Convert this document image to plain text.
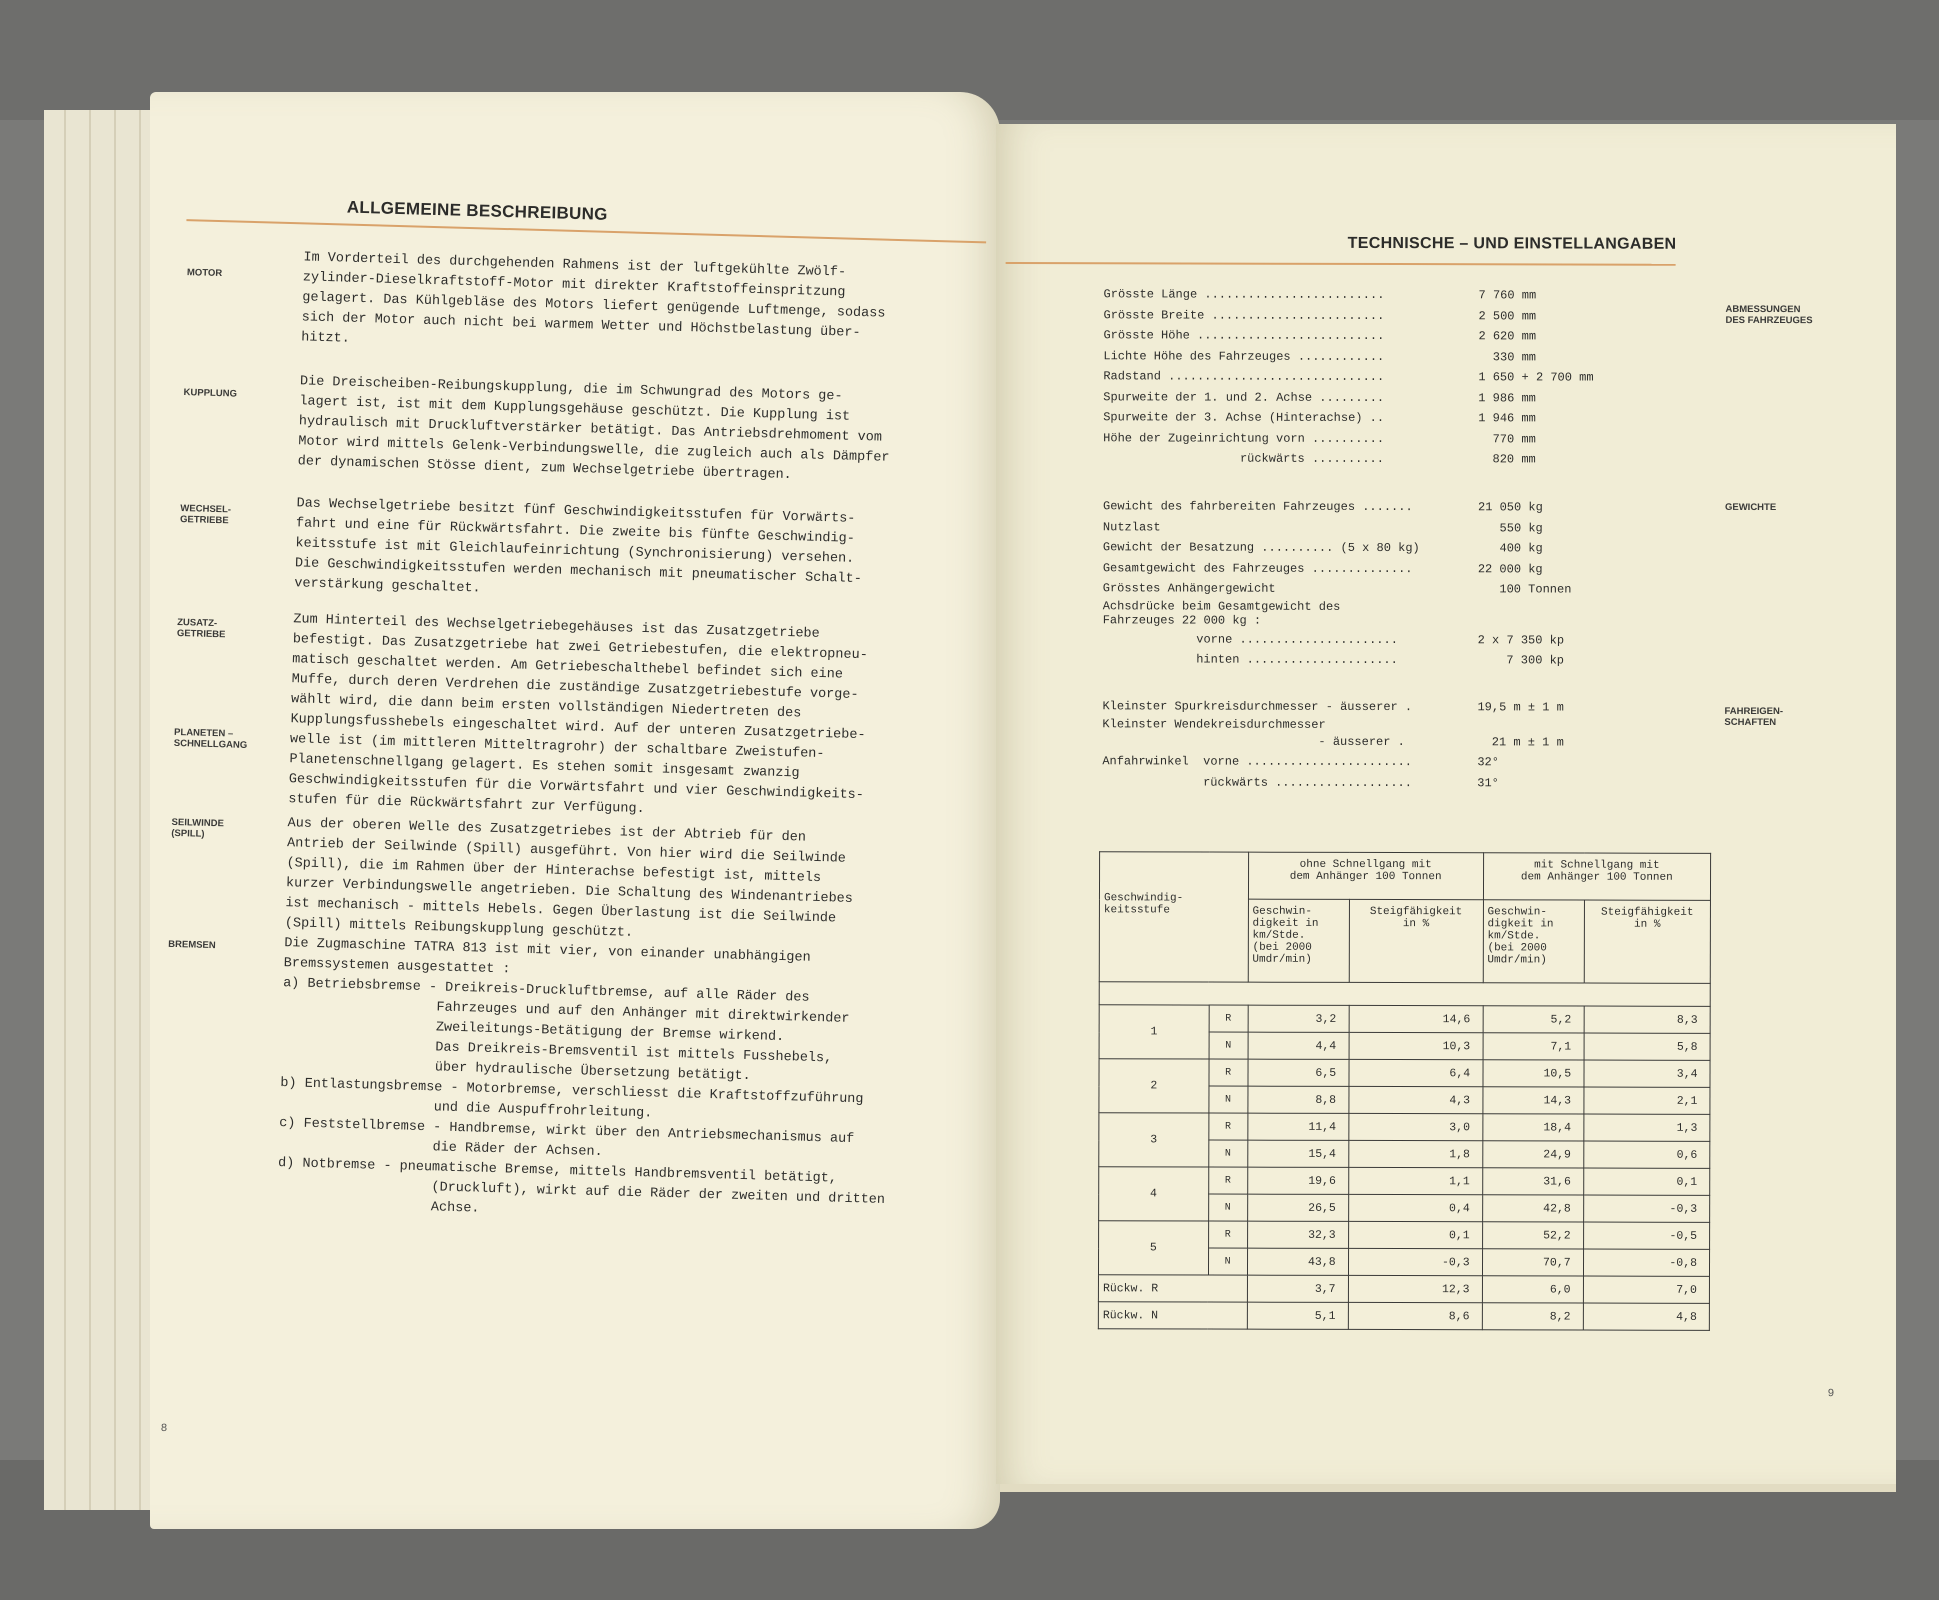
ALLGEMEINE BESCHREIBUNG
MOTOR	Im Vorderteil des durchgehenden Rahmens ist der luftgekühlte Zwölf-
zylinder-Dieselkraftstoff-Motor mit direkter Kraftstoffeinspritzung
gelagert. Das Kühlgebläse des Motors liefert genügende Luftmenge, sodass
sich der Motor auch nicht bei warmem Wetter und Höchstbelastung über-
hitzt.
KUPPLUNG	Die Dreischeiben-Reibungskupplung, die im Schwungrad des Motors ge-
lagert ist, ist mit dem Kupplungsgehäuse geschützt. Die Kupplung ist
hydraulisch mit Druckluftverstärker betätigt. Das Antriebsdrehmoment vom
Motor wird mittels Gelenk-Verbindungswelle, die zugleich auch als Dämpfer
der dynamischen Stösse dient, zum Wechselgetriebe übertragen.
WECHSEL-
GETRIEBE	Das Wechselgetriebe besitzt fünf Geschwindigkeitsstufen für Vorwärts-
fahrt und eine für Rückwärtsfahrt. Die zweite bis fünfte Geschwindig-
keitsstufe ist mit Gleichlaufeinrichtung (Synchronisierung) versehen.
Die Geschwindigkeitsstufen werden mechanisch mit pneumatischer Schalt-
verstärkung geschaltet.
ZUSATZ-
GETRIEBE	Zum Hinterteil des Wechselgetriebegehäuses ist das Zusatzgetriebe
befestigt. Das Zusatzgetriebe hat zwei Getriebestufen, die elektropneu-
matisch geschaltet werden. Am Getriebeschalthebel befindet sich eine
Muffe, durch deren Verdrehen die zuständige Zusatzgetriebestufe vorge-
wählt wird, die dann beim ersten vollständigen Niedertreten des
Kupplungsfusshebels eingeschaltet wird. Auf der unteren Zusatzgetriebe-
welle ist (im mittleren Mitteltragrohr) der schaltbare Zweistufen-
Planetenschnellgang gelagert. Es stehen somit insgesamt zwanzig
Geschwindigkeitsstufen für die Vorwärtsfahrt und vier Geschwindigkeits-
stufen für die Rückwärtsfahrt zur Verfügung.
PLANETEN –
SCHNELLGANG
SEILWINDE
(SPILL)	Aus der oberen Welle des Zusatzgetriebes ist der Abtrieb für den
Antrieb der Seilwinde (Spill) ausgeführt. Von hier wird die Seilwinde
(Spill), die im Rahmen über der Hinterachse befestigt ist, mittels
kurzer Verbindungswelle angetrieben. Die Schaltung des Windenantriebes
ist mechanisch - mittels Hebels. Gegen Überlastung ist die Seilwinde
(Spill) mittels Reibungskupplung geschützt.
BREMSEN	Die Zugmaschine TATRA 813 ist mit vier, von einander unabhängigen
Bremssystemen ausgestattet :
a) Betriebsbremse - Dreikreis-Druckluftbremse, auf alle Räder des
Fahrzeuges und auf den Anhänger mit direktwirkender
Zweileitungs-Betätigung der Bremse wirkend.
Das Dreikreis-Bremsventil ist mittels Fusshebels,
über hydraulische Übersetzung betätigt.
b) Entlastungsbremse - Motorbremse, verschliesst die Kraftstoffzuführung
und die Auspuffrohrleitung.
c) Feststellbremse - Handbremse, wirkt über den Antriebsmechanismus auf
die Räder der Achsen.
d) Notbremse - pneumatische Bremse, mittels Handbremsventil betätigt,
(Druckluft), wirkt auf die Räder der zweiten und dritten
Achse.
8
TECHNISCHE – UND EINSTELLANGABEN
ABMESSUNGEN
DES FAHRZEUGES
GEWICHTE
FAHREIGEN-
SCHAFTEN
Grösste Länge .........................	7 760 mm
Grösste Breite ........................	2 500 mm
Grösste Höhe ..........................	2 620 mm
Lichte Höhe des Fahrzeuges ............	330 mm
Radstand ..............................	1 650 + 2 700 mm
Spurweite der 1. und 2. Achse .........	1 986 mm
Spurweite der 3. Achse (Hinterachse) ..	1 946 mm
Höhe der Zugeinrichtung vorn ..........	770 mm
rückwärts ..........	820 mm
Gewicht des fahrbereiten Fahrzeuges .......	21 050 kg
Nutzlast	550 kg
Gewicht der Besatzung .......... (5 x 80 kg)	400 kg
Gesamtgewicht des Fahrzeuges ..............	22 000 kg
Grösstes Anhängergewicht	100 Tonnen
Achsdrücke beim Gesamtgewicht des
Fahrzeuges 22 000 kg :
vorne ......................	2 x 7 350 kp
hinten .....................	7 300 kp
Kleinster Spurkreisdurchmesser - äusserer .	19,5 m ± 1 m
Kleinster Wendekreisdurchmesser
- äusserer .	21 m ± 1 m
Anfahrwinkel  vorne .......................	32°
rückwärts ...................	31°
Geschwindig-
keitsstufe		ohne Schnellgang mit
dem Anhänger 100 Tonnen		mit Schnellgang mit
dem Anhänger 100 Tonnen	
		Geschwin-
digkeit in
km/Stde.
(bei 2000
Umdr/min)	Steigfähigkeit
in %	Geschwin-
digkeit in
km/Stde.
(bei 2000
Umdr/min)	Steigfähigkeit
in %

1	R	3,2	14,6	5,2	8,3
	N	4,4	10,3	7,1	5,8
2	R	6,5	6,4	10,5	3,4
	N	8,8	4,3	14,3	2,1
3	R	11,4	3,0	18,4	1,3
	N	15,4	1,8	24,9	0,6
4	R	19,6	1,1	31,6	0,1
	N	26,5	0,4	42,8	-0,3
5	R	32,3	0,1	52,2	-0,5
	N	43,8	-0,3	70,7	-0,8
Rückw. R		3,7	12,3	6,0	7,0
Rückw. N		5,1	8,6	8,2	4,8
9
